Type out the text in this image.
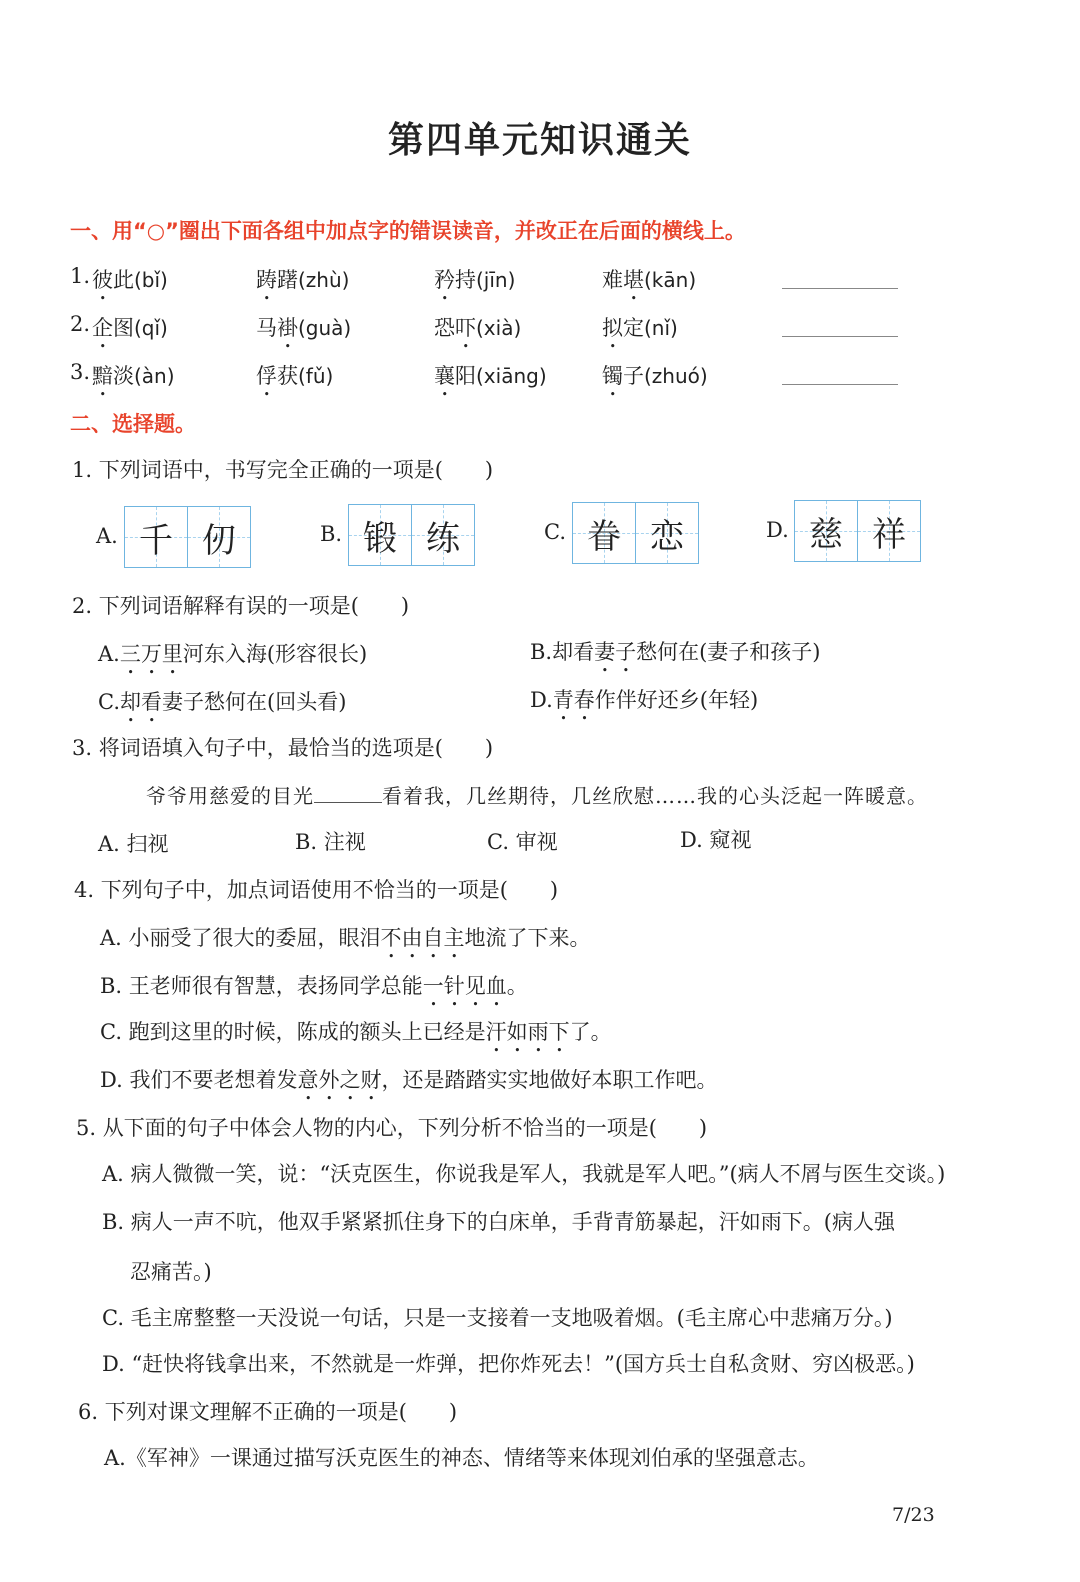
第四单元知识通关
一、用“○”圈出下面各组中加点字的错误读音，并改正在后面的横线上。
1. 彼此(bǐ)	踌躇(zhù)	矜持(jīn)	难堪(kān)
2. 企图(qǐ)	马褂(guà)	恐吓(xià)	拟定(nǐ)
3. 黯淡(àn)	俘获(fǔ)	襄阳(xiāng)	镯子(zhuó)
二、选择题。
1. 下列词语中，书写完全正确的一项是(　　)
A. 千 仞	B. 锻 练	C. 眷 恋	D. 慈 祥
2. 下列词语解释有误的一项是(　　)
A.三万里河东入海(形容很长)	B.却看妻子愁何在(妻子和孩子)
C.却看妻子愁何在(回头看)	D.青春作伴好还乡(年轻)
3. 将词语填入句子中，最恰当的选项是(　　)
爷爷用慈爱的目光	看着我，几丝期待，几丝欣慰……我的心头泛起一阵暖意。
A. 扫视	B. 注视	C. 审视	D. 窥视
4. 下列句子中，加点词语使用不恰当的一项是(　　)
A. 小丽受了很大的委屈，眼泪不由自主地流了下来。
B. 王老师很有智慧，表扬同学总能一针见血。
C. 跑到这里的时候，陈成的额头上已经是汗如雨下了。
D. 我们不要老想着发意外之财，还是踏踏实实地做好本职工作吧。
5. 从下面的句子中体会人物的内心，下列分析不恰当的一项是(　　)
A. 病人微微一笑，说：“沃克医生，你说我是军人，我就是军人吧。”(病人不屑与医生交谈。)
B. 病人一声不吭，他双手紧紧抓住身下的白床单，手背青筋暴起，汗如雨下。(病人强
忍痛苦。)
C. 毛主席整整一天没说一句话，只是一支接着一支地吸着烟。(毛主席心中悲痛万分。)
D. “赶快将钱拿出来，不然就是一炸弹，把你炸死去！”(国方兵士自私贪财、穷凶极恶。)
6. 下列对课文理解不正确的一项是(　　)
A.《军神》一课通过描写沃克医生的神态、情绪等来体现刘伯承的坚强意志。
7/23
